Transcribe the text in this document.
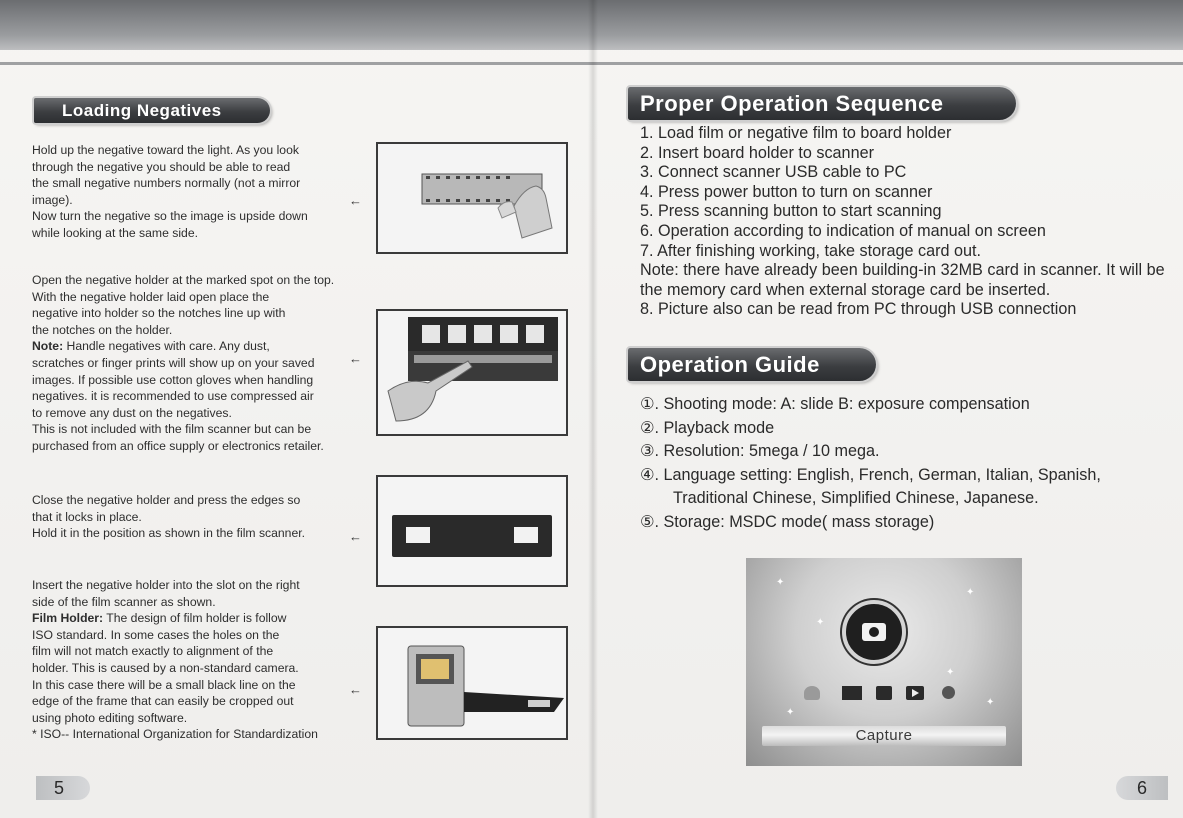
Loading Negatives
Hold up the negative toward the light. As you look
through the negative you should be able to read
the small negative numbers normally (not a mirror
image).
Now turn the negative so the image is upside down
while looking at the same side.
Open the negative holder at the marked spot on the top.
With the negative holder laid open place the
negative into holder so the notches line up with
the notches on the holder.
Note: Handle negatives with care. Any dust,
scratches or finger prints will show up on your saved
images. If possible use cotton gloves when handling
negatives. it is recommended to use compressed air
to remove any dust on the negatives.
This is not included with the film scanner but can be
purchased from an office supply or electronics retailer.
Close the negative holder and press the edges so
that it locks in place.
Hold it in the position as shown in the film scanner.
Insert the negative holder into the slot on the right
side of the film scanner as shown.
Film Holder: The design of film holder is follow
ISO standard. In some cases the holes on the
film will not match exactly to alignment of the
holder. This is caused by a non-standard camera.
In this case there will be a small black line on the
edge of the frame that can easily be cropped out
using photo editing software.
* ISO-- International Organization for Standardization
←
←
←
←
5
Proper Operation Sequence
1. Load film or negative film to board holder
2. Insert board holder to scanner
3. Connect scanner USB cable to PC
4. Press power button to turn on scanner
5. Press scanning button to start scanning
6. Operation according to indication of manual on screen
7. After finishing working, take storage card out.
Note: there have already been building-in 32MB card in scanner. It will be the memory card when external storage card be inserted.
8. Picture also can be read from PC through USB connection
Operation Guide
①. Shooting mode: A: slide B: exposure compensation
②. Playback mode
③. Resolution: 5mega / 10 mega.
④. Language setting: English, French, German, Italian, Spanish, Traditional Chinese, Simplified Chinese, Japanese.
⑤. Storage: MSDC mode( mass storage)
✦
✦
✦
✦
✦
✦
Capture
6
